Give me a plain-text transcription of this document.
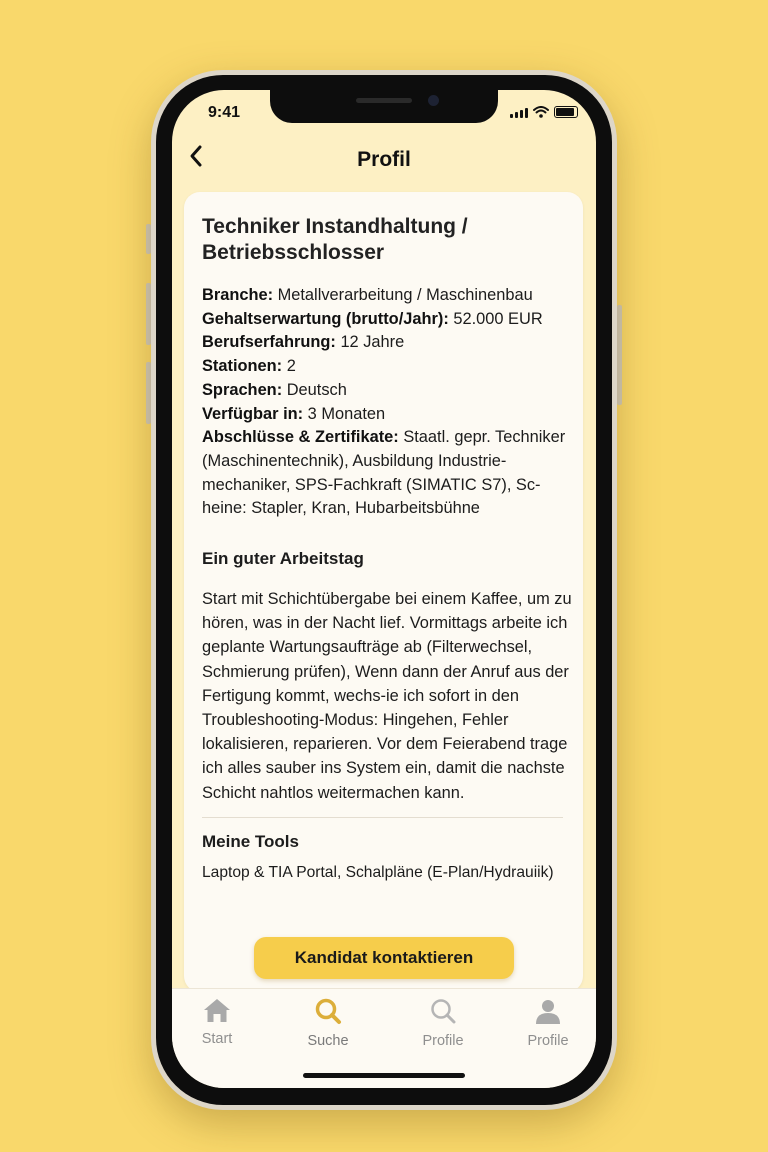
9:41
Profil
Techniker Instandhaltung / Betriebsschlosser
Branche: Metallverarbeitung / Maschinenbau
Gehaltserwartung (brutto/Jahr): 52.000 EUR
Berufserfahrung: 12 Jahre
Stationen: 2
Sprachen: Deutsch
Verfügbar in: 3 Monaten
Abschlüsse & Zertifikate: Staatl. gepr. Techniker (Maschinentechnik), Ausbildung Industrie-mechaniker, SPS-Fachkraft (SIMATIC S7), Sc-heine: Stapler, Kran, Hubarbeitsbühne
Ein guter Arbeitstag
Start mit Schichtübergabe bei einem Kaffee, um zu hören, was in der Nacht lief. Vormittags arbeite ich geplante Wartungsaufträge ab (Filterwechsel, Schmierung prüfen), Wenn dann der Anruf aus der Fertigung kommt, wechs-ie ich sofort in den Troubleshooting-Modus: Hingehen, Fehler lokalisieren, reparieren. Vor dem Feierabend trage ich alles sauber ins System ein, damit die nachste Schicht nahtlos weitermachen kann.
Meine Tools
Laptop & TIA Portal, Schalpläne (E-Plan/Hydrauiik)
Kandidat kontaktieren
Start	Suche	Profile	Profile
